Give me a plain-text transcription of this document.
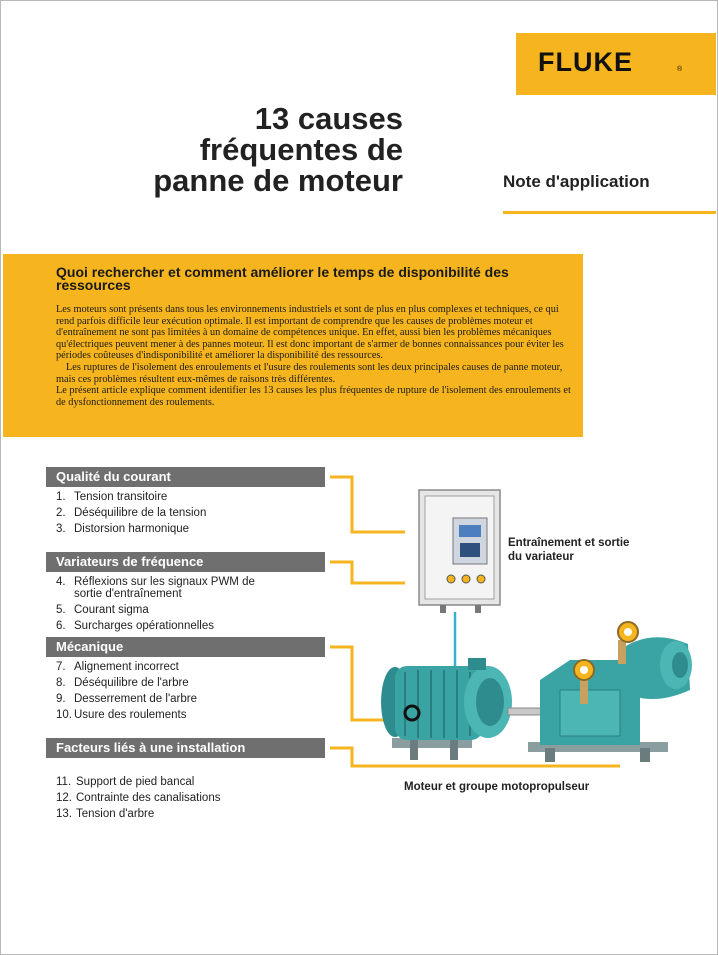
FLUKE	®
13 causes
fréquentes de
panne de moteur	Note d'application
Quoi rechercher et comment améliorer le temps de disponibilité des ressources

Les moteurs sont présents dans tous les environnements industriels et sont de plus en plus complexes et techniques, ce qui rend parfois difficile leur exécution optimale. Il est important de comprendre que les causes de problèmes moteur et d'entraînement ne sont pas limitées à un domaine de compétences unique. En effet, aussi bien les problèmes mécaniques qu'électriques peuvent mener à des pannes moteur. Il est donc important de s'armer de bonnes connaissances pour éviter les périodes coûteuses d'indisponibilité et améliorer la disponibilité des ressources.

Les ruptures de l'isolement des enroulements et l'usure des roulements sont les deux principales causes de panne moteur, mais ces problèmes résultent eux-mêmes de raisons très différentes.

Le présent article explique comment identifier les 13 causes les plus fréquentes de rupture de l'isolement des enroulements et de dysfonctionnement des roulements.

Qualité du courant
1. Tension transitoire
2. Déséquilibre de la tension
3. Distorsion harmonique
Variateurs de fréquence
4. Réflexions sur les signaux PWM de sortie d'entraînement
5. Courant sigma
6. Surcharges opérationnelles
Mécanique
7. Alignement incorrect
8. Déséquilibre de l'arbre
9. Desserrement de l'arbre
10. Usure des roulements
Facteurs liés à une installation
11. Support de pied bancal
12. Contrainte des canalisations
13. Tension d'arbre
Entraînement et sortie du variateur
Moteur et groupe motopropulseur
